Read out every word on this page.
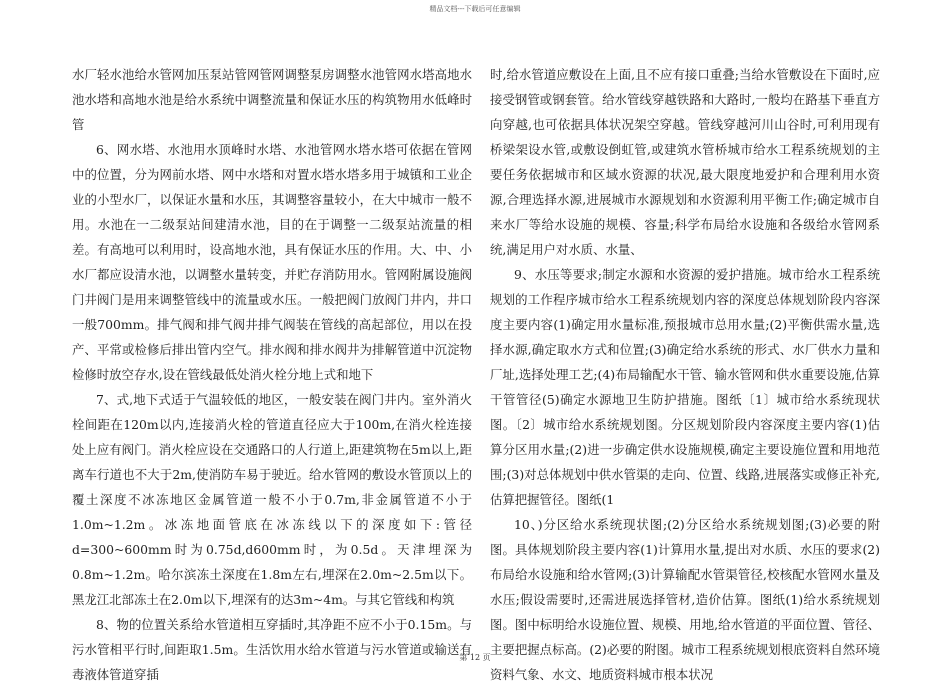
精品文档---下载后可任意编辑

水厂轻水池给水管网加压泵站管网管网调整泵房调整水池管网水塔高地水池水塔和高地水池是给水系统中调整流量和保证水压的构筑物用水低峰时管

6、网水塔、水池用水顶峰时水塔、水池管网水塔水塔可依据在管网中的位置，分为网前水塔、网中水塔和对置水塔水塔多用于城镇和工业企业的小型水厂，以保证水量和水压，其调整容量较小，在大中城市一般不用。水池在一二级泵站间建清水池，目的在于调整一二级泵站流量的相差。有高地可以利用时，设高地水池，具有保证水压的作用。大、中、小水厂都应设清水池，以调整水量转变，并贮存消防用水。管网附属设施阀门井阀门是用来调整管线中的流量或水压。一般把阀门放阀门井内，井口一般700mm。排气阀和排气阀井排气阀装在管线的高起部位，用以在投产、平常或检修后排出管内空气。排水阀和排水阀井为排解管道中沉淀物检修时放空存水,设在管线最低处消火栓分地上式和地下

7、式,地下式适于气温较低的地区，一般安装在阀门井内。室外消火栓间距在120m以内,连接消火栓的管道直径应大于100m,在消火栓连接处上应有阀门。消火栓应设在交通路口的人行道上,距建筑物在5m以上,距离车行道也不大于2m,使消防车易于驶近。给水管网的敷设水管顶以上的覆土深度不冰冻地区金属管道一般不小于0.7m,非金属管道不小于1.0m~1.2m。冰冻地面管底在冰冻线以下的深度如下:管径d=300~600mm时为0.75d,d600mm时，为0.5d。天津埋深为0.8m~1.2m。哈尔滨冻土深度在1.8m左右,埋深在2.0m~2.5m以下。黑龙江北部冻土在2.0m以下,埋深有的达3m~4m。与其它管线和构筑

8、物的位置关系给水管道相互穿插时,其净距不应不小于0.15m。与污水管相平行时,间距取1.5m。生活饮用水给水管道与污水管道或输送有毒液体管道穿插

时,给水管道应敷设在上面,且不应有接口重叠;当给水管敷设在下面时,应接受钢管或钢套管。给水管线穿越铁路和大路时,一般均在路基下垂直方向穿越,也可依据具体状况架空穿越。管线穿越河川山谷时,可利用现有桥梁架设水管,或敷设倒虹管,或建筑水管桥城市给水工程系统规划的主要任务依据城市和区域水资源的状况,最大限度地爱护和合理利用水资源,合理选择水源,进展城市水源规划和水资源利用平衡工作;确定城市自来水厂等给水设施的规模、容量;科学布局给水设施和各级给水管网系统,满足用户对水质、水量、

9、水压等要求;制定水源和水资源的爱护措施。城市给水工程系统规划的工作程序城市给水工程系统规划内容的深度总体规划阶段内容深度主要内容(1)确定用水量标准,预报城市总用水量;(2)平衡供需水量,选择水源,确定取水方式和位置;(3)确定给水系统的形式、水厂供水力量和厂址,选择处理工艺;(4)布局输配水干管、输水管网和供水重要设施,估算干管管径(5)确定水源地卫生防护措施。图纸〔1〕城市给水系统现状图。〔2〕城市给水系统规划图。分区规划阶段内容深度主要内容(1)估算分区用水量;(2)进一步确定供水设施规模,确定主要设施位置和用地范围;(3)对总体规划中供水管渠的走向、位置、线路,进展落实或修正补充,估算把握管径。图纸(1

10、)分区给水系统现状图;(2)分区给水系统规划图;(3)必要的附图。具体规划阶段主要内容(1)计算用水量,提出对水质、水压的要求(2)布局给水设施和给水管网;(3)计算输配水管渠管径,校核配水管网水量及水压;假设需要时,还需进展选择管材,造价估算。图纸(1)给水系统规划图。图中标明给水设施位置、规模、用地,给水管道的平面位置、管径、主要把握点标高。(2)必要的附图。城市工程系统规划根底资料自然环境资料气象、水文、地质资料城市根本状况

第 12 页
